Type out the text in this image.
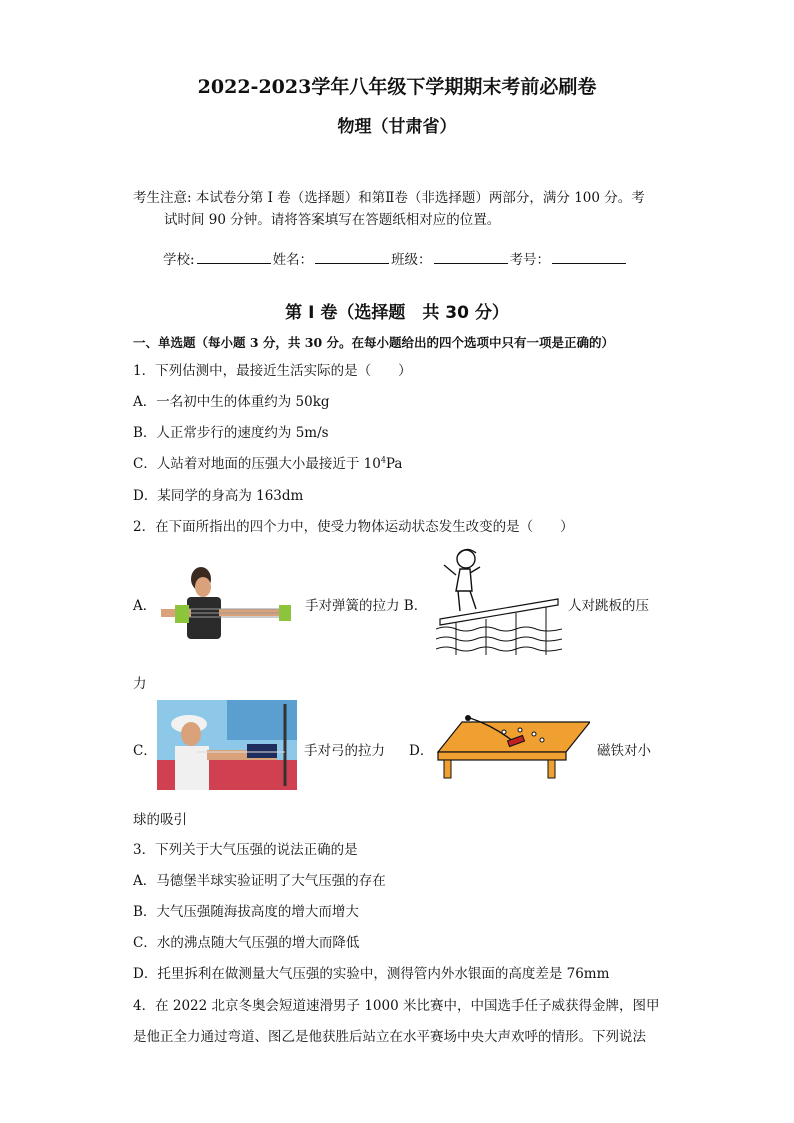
2022-2023学年八年级下学期期末考前必刷卷
物理（甘肃省）
考生注意: 本试卷分第 I 卷（选择题）和第Ⅱ卷（非选择题）两部分，满分 100 分。考
试时间 90 分钟。请将答案填写在答题纸相对应的位置。
学校:	姓名：	班级：	考号：
第 I 卷（选择题　共 30 分）
一、单选题（每小题 3 分，共 30 分。在每小题给出的四个选项中只有一项是正确的）
1．下列估测中，最接近生活实际的是（　　）
A．一名初中生的体重约为 50kg
B．人正常步行的速度约为 5m/s
C．人站着对地面的压强大小最接近于 $10^4Pa$
D．某同学的身高为 163dm
2．在下面所指出的四个力中，使受力物体运动状态发生改变的是（　　）
A．	手对弹簧的拉力 B．	人对跳板的压
力
C．	手对弓的拉力 D．	磁铁对小
球的吸引
3．下列关于大气压强的说法正确的是
A．马德堡半球实验证明了大气压强的存在
B．大气压强随海拔高度的增大而增大
C．水的沸点随大气压强的增大而降低
D．托里拆利在做测量大气压强的实验中，测得管内外水银面的高度差是 76mm
4．在 2022 北京冬奥会短道速滑男子 1000 米比赛中，中国选手任子威获得金牌，图甲
是他正全力通过弯道、图乙是他获胜后站立在水平赛场中央大声欢呼的情形。下列说法
